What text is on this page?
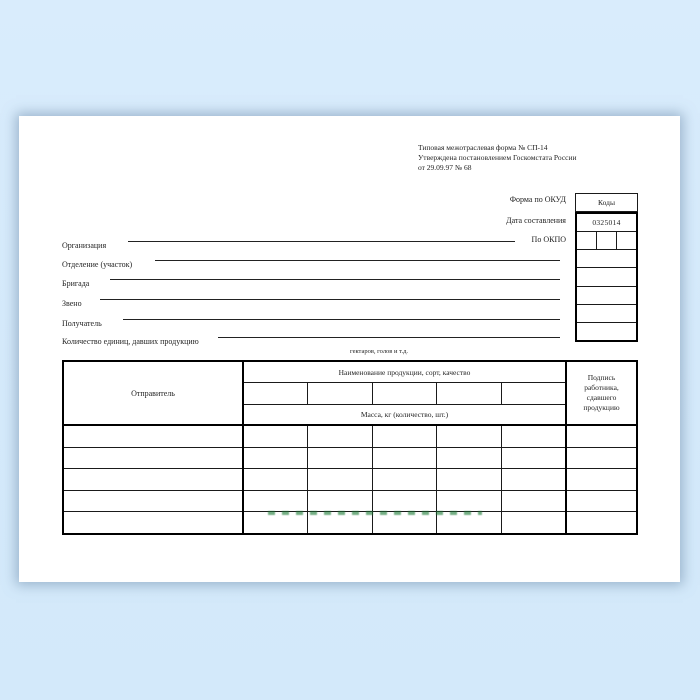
Типовая межотраслевая форма № СП-14
Утверждена постановлением Госкомстата России
от 29.09.97 № 68
Форма по ОКУД
Дата составления
По ОКПО
Коды
0325014
Организация
Отделение (участок)
Бригада
Звено
Получатель
Количество единиц, давших продукцию
гектаров, голов и т.д.
Отправитель
Наименование продукции, сорт, качество
Масса, кг (количество, шт.)
Подпись работника, сдавшего продукцию
